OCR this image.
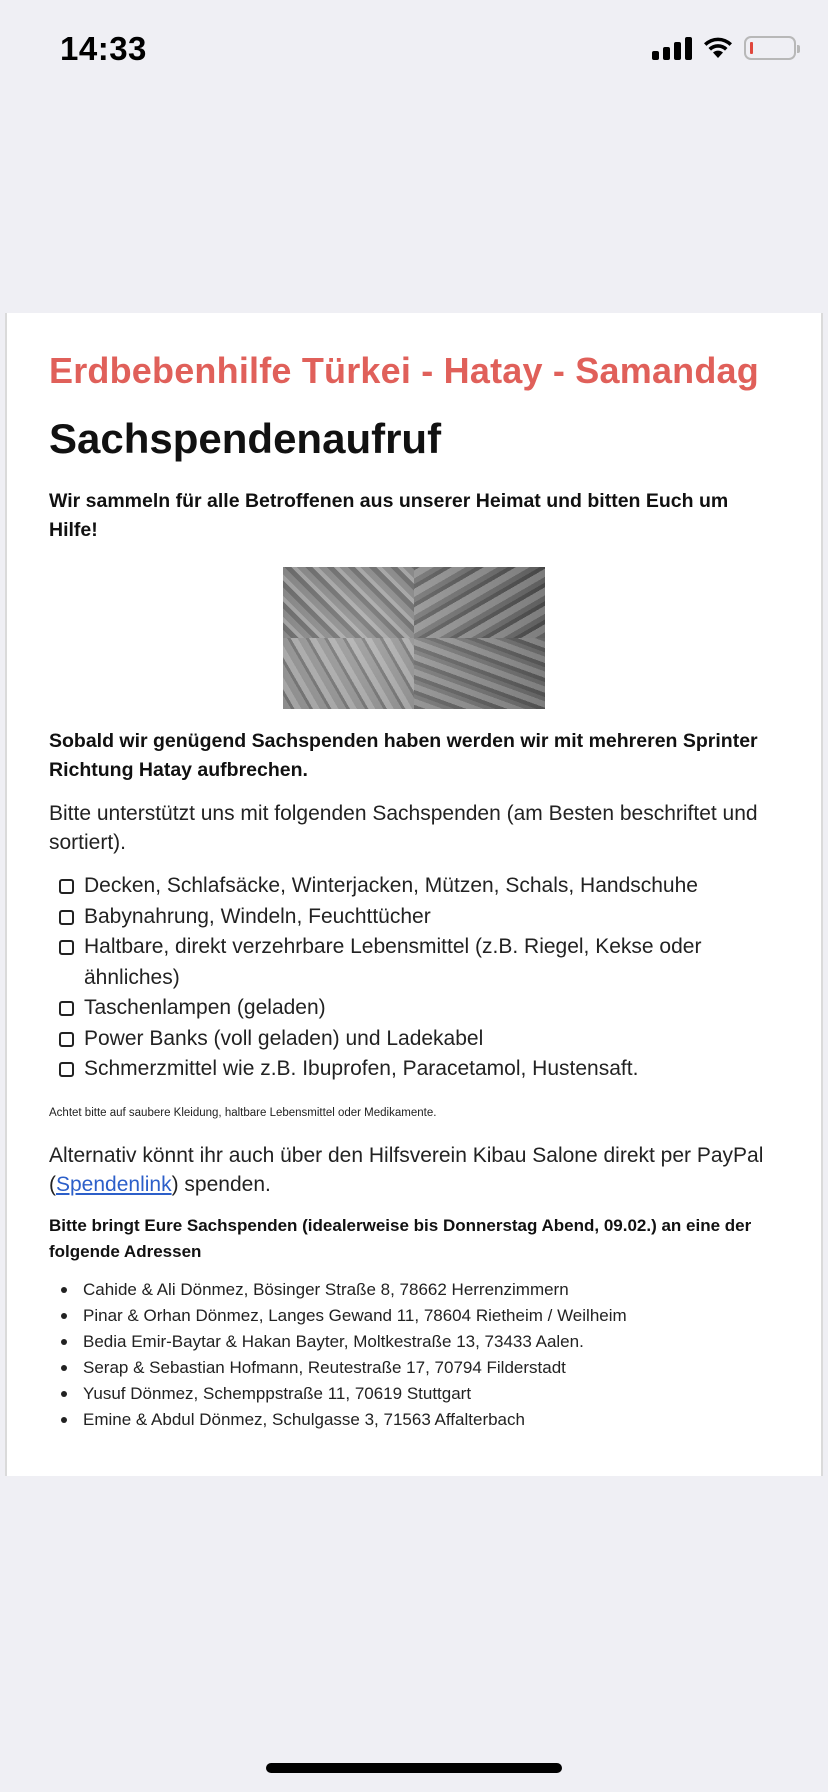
14:33
Erdbebenhilfe Türkei - Hatay - Samandag
Sachspendenaufruf

Wir sammeln für alle Betroffenen aus unserer Heimat und bitten Euch um Hilfe!

Sobald wir genügend Sachspenden haben werden wir mit mehreren Sprinter Richtung Hatay aufbrechen.

Bitte unterstützt uns mit folgenden Sachspenden (am Besten beschriftet und sortiert).

Decken, Schlafsäcke, Winterjacken, Mützen, Schals, Handschuhe
Babynahrung, Windeln, Feuchttücher
Haltbare, direkt verzehrbare Lebensmittel (z.B. Riegel, Kekse oder ähnliches)
Taschenlampen (geladen)
Power Banks (voll geladen) und Ladekabel
Schmerzmittel wie z.B. Ibuprofen, Paracetamol, Hustensaft.

Achtet bitte auf saubere Kleidung, haltbare Lebensmittel oder Medikamente.

Alternativ könnt ihr auch über den Hilfsverein Kibau Salone direkt per PayPal (Spendenlink) spenden.

Bitte bringt Eure Sachspenden (idealerweise bis Donnerstag Abend, 09.02.) an eine der folgende Adressen

Cahide & Ali Dönmez, Bösinger Straße 8, 78662 Herrenzimmern
Pinar & Orhan Dönmez, Langes Gewand 11, 78604 Rietheim / Weilheim
Bedia Emir-Baytar & Hakan Bayter, Moltkestraße 13, 73433 Aalen.
Serap & Sebastian Hofmann, Reutestraße 17, 70794 Filderstadt
Yusuf Dönmez, Schemppstraße 11, 70619 Stuttgart
Emine & Abdul Dönmez, Schulgasse 3, 71563 Affalterbach
